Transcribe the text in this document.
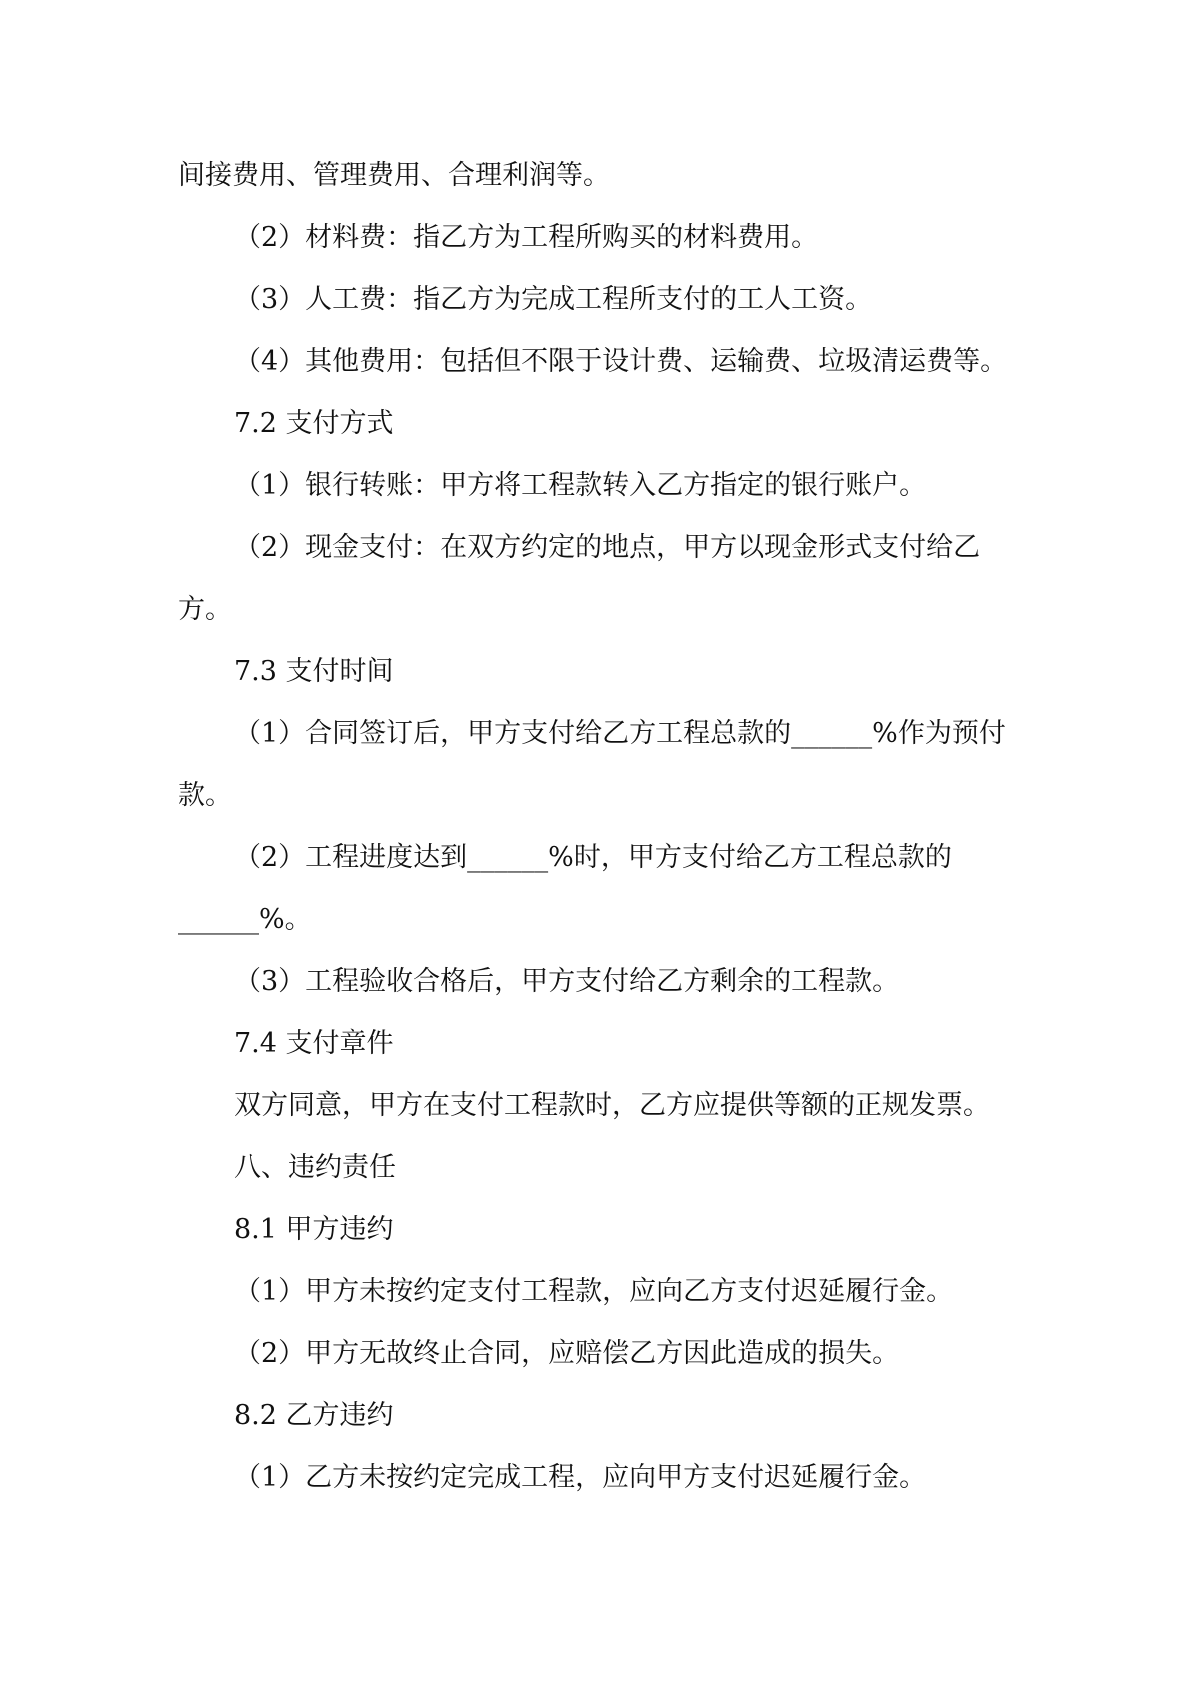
间接费用、管理费用、合理利润等。

（2）材料费：指乙方为工程所购买的材料费用。

（3）人工费：指乙方为完成工程所支付的工人工资。

（4）其他费用：包括但不限于设计费、运输费、垃圾清运费等。

7.2 支付方式

（1）银行转账：甲方将工程款转入乙方指定的银行账户。

（2）现金支付：在双方约定的地点，甲方以现金形式支付给乙

方。

7.3 支付时间

（1）合同签订后，甲方支付给乙方工程总款的______%作为预付

款。

（2）工程进度达到______%时，甲方支付给乙方工程总款的

______%。

（3）工程验收合格后，甲方支付给乙方剩余的工程款。

7.4 支付章件

双方同意，甲方在支付工程款时，乙方应提供等额的正规发票。

八、违约责任

8.1 甲方违约

（1）甲方未按约定支付工程款，应向乙方支付迟延履行金。

（2）甲方无故终止合同，应赔偿乙方因此造成的损失。

8.2 乙方违约

（1）乙方未按约定完成工程，应向甲方支付迟延履行金。
